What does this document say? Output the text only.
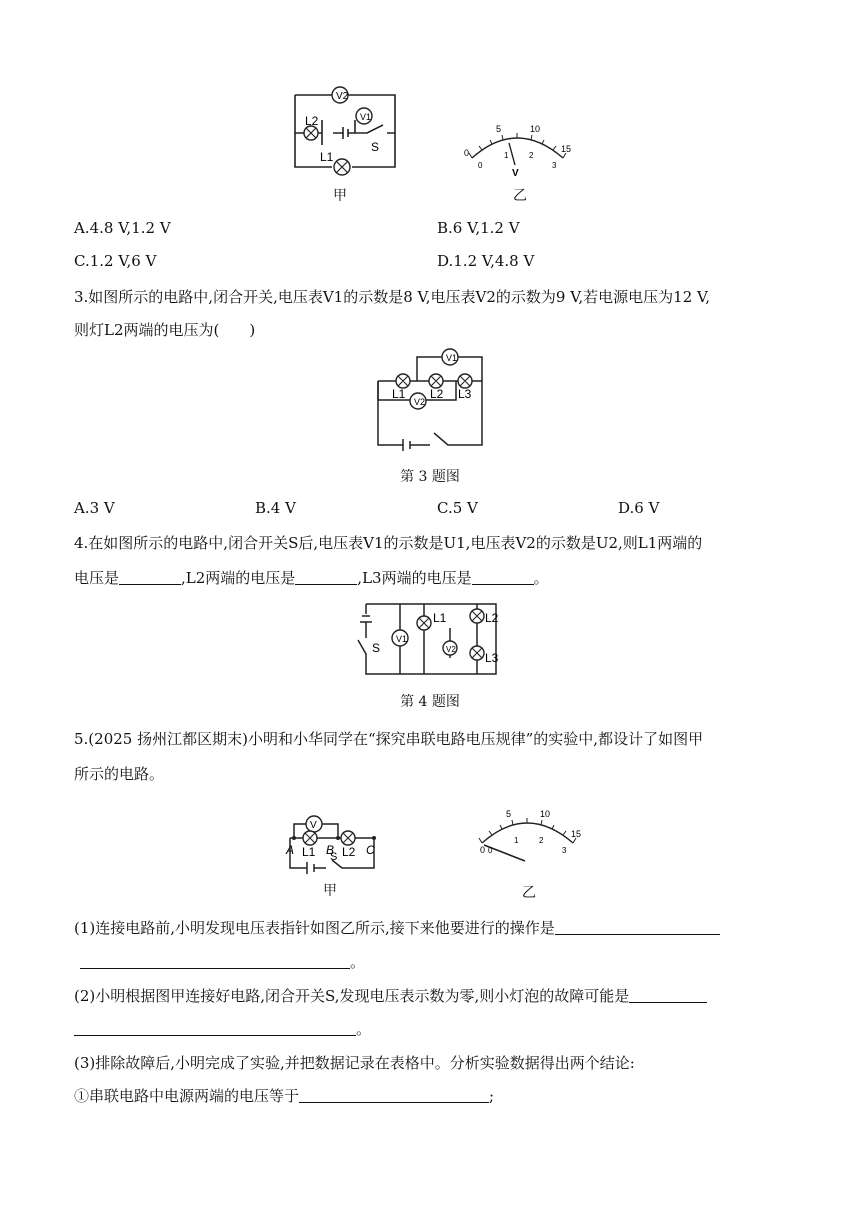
V2
V1
L2
L1
S
甲
0	15
5	10
0
1	2
3
V
乙
A.4.8 V,1.2 V	B.6 V,1.2 V
C.1.2 V,6 V	D.1.2 V,4.8 V
3.如图所示的电路中,闭合开关,电压表V1的示数是8 V,电压表V2的示数为9 V,若电源电压为12 V,
则灯L2两端的电压为(　　)
V1
V2
L1 L2 L3
第 3 题图
A.3 V	B.4 V	C.5 V	D.6 V
4.在如图所示的电路中,闭合开关S后,电压表V1的示数是U1,电压表V2的示数是U2,则L1两端的
电压是	,L2两端的电压是	,L3两端的电压是	。
S
V1
V2
L1	L2
L3
第 4 题图
5.(2025 扬州江都区期末)小明和小华同学在“探究串联电路电压规律”的实验中,都设计了如图甲
所示的电路。
V
A	B	C
L1 L2
S
甲
0
15
5	10
0
1	2
3
乙
(1)连接电路前,小明发现电压表指针如图乙所示,接下来他要进行的操作是
。
(2)小明根据图甲连接好电路,闭合开关S,发现电压表示数为零,则小灯泡的故障可能是
。
(3)排除故障后,小明完成了实验,并把数据记录在表格中。分析实验数据得出两个结论:
①串联电路中电源两端的电压等于	;
